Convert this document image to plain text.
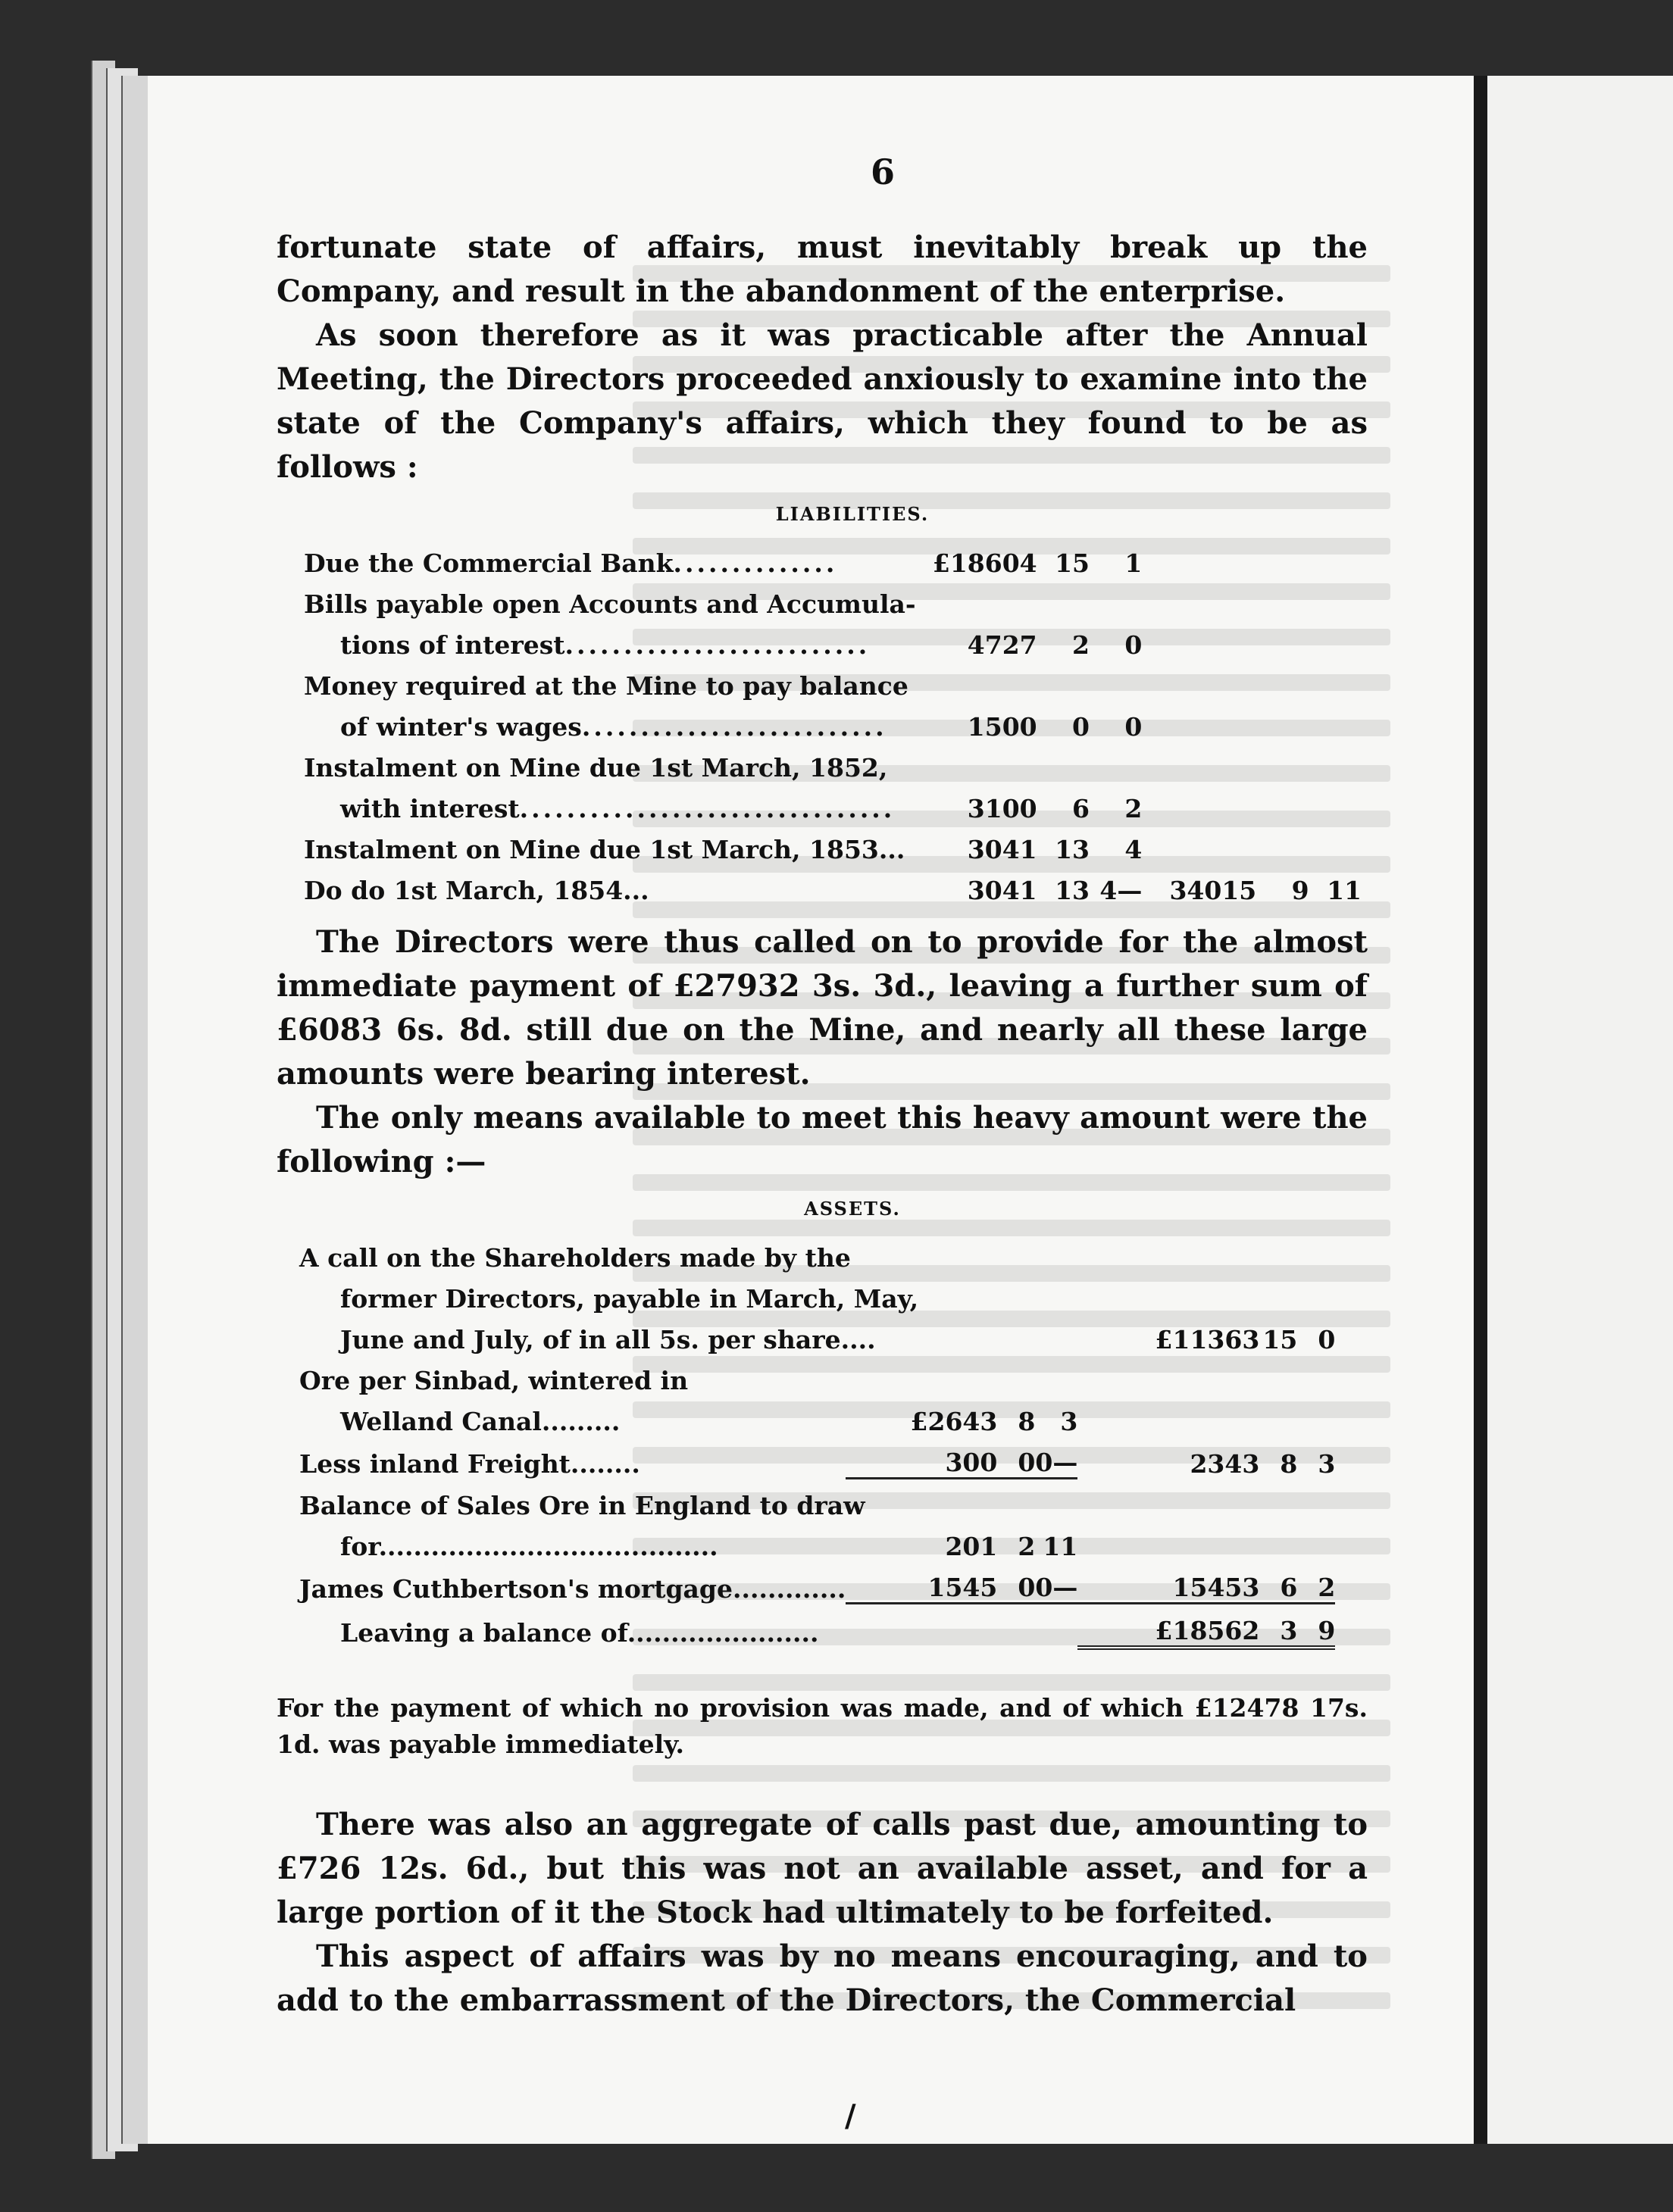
6

fortunate state of affairs, must inevitably break up the Company, and result in the abandonment of the enterprise.

As soon therefore as it was practicable after the Annual Meeting, the Directors proceeded anxiously to examine into the state of the Company's affairs, which they found to be as follows :

LIABILITIES.
Due the Commercial Bank..............	£18604	15	1			
Bills payable open Accounts and Accumula-						
tions of interest..........................	4727	2	0			
Money required at the Mine to pay balance						
of winter's wages..........................	1500	0	0			
Instalment on Mine due 1st March, 1852,						
with interest................................	3100	6	2			
Instalment on Mine due 1st March, 1853...	3041	13	4			
Do do 1st March, 1854...	3041	13	4—	34015	9	11

The Directors were thus called on to provide for the almost immediate payment of £27932 3s. 3d., leaving a further sum of £6083 6s. 8d. still due on the Mine, and nearly all these large amounts were bearing interest.

The only means available to meet this heavy amount were the following :—

ASSETS.
A call on the Shareholders made by the							
former Directors, payable in March, May,							
June and July, of in all 5s. per share....				£11363	15	0	
Ore per Sinbad, wintered in							
Welland Canal.........	£2643	8	3				
Less inland Freight........	300	0	0—	2343	8	3	
Balance of Sales Ore in England to draw							
for.......................................	201	2	11				
James Cuthbertson's mortgage.............	1545	0	0—	15453	6	2	
Leaving a balance of......................				£18562	3	9	

For the payment of which no provision was made, and of which £12478 17s. 1d. was payable immediately.

There was also an aggregate of calls past due, amounting to £726 12s. 6d., but this was not an available asset, and for a large portion of it the Stock had ultimately to be forfeited.

This aspect of affairs was by no means encouraging, and to add to the embarrassment of the Directors, the Commercial

/
